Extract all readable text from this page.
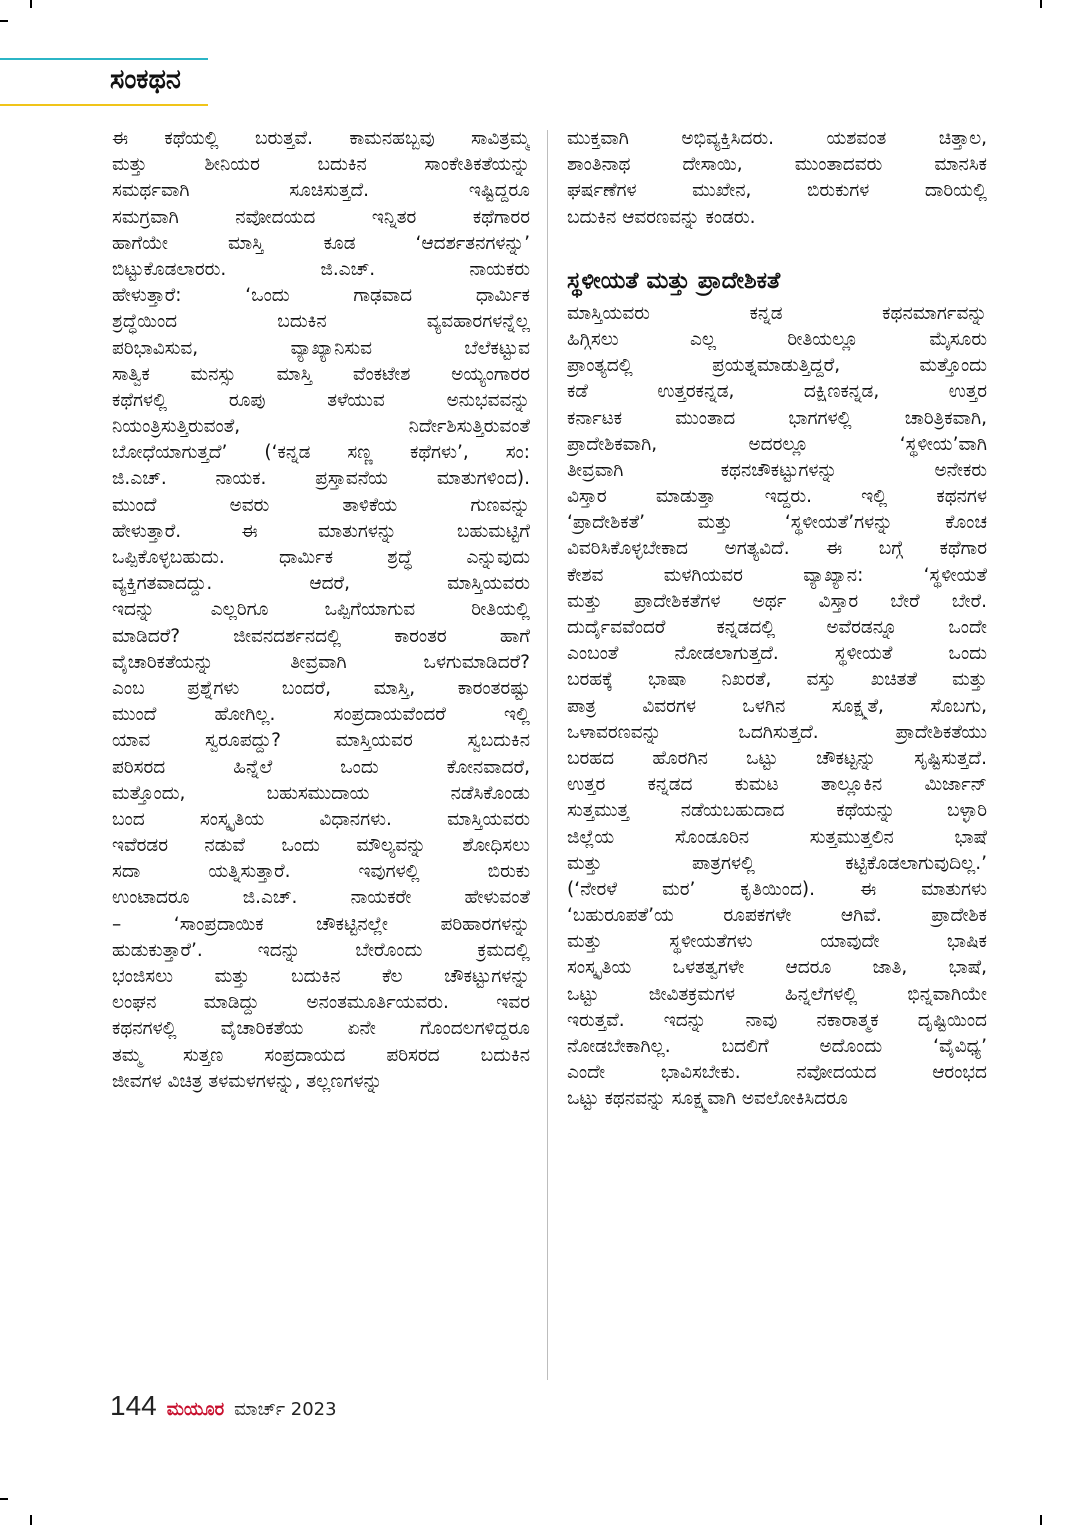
ಸಂಕಥನ
ಈ ಕಥೆಯಲ್ಲಿ ಬರುತ್ತವೆ. ಕಾಮನಹಬ್ಬವು ಸಾವಿತ್ರಮ್ಮ
ಮತ್ತು ಶೀನಿಯರ ಬದುಕಿನ ಸಾಂಕೇತಿಕತೆಯನ್ನು
ಸಮರ್ಥವಾಗಿ ಸೂಚಿಸುತ್ತದೆ. ಇಷ್ಟಿದ್ದರೂ
ಸಮಗ್ರವಾಗಿ ನವೋದಯದ ಇನ್ನಿತರ ಕಥೆಗಾರರ
ಹಾಗೆಯೇ ಮಾಸ್ತಿ ಕೂಡ ‘ಆದರ್ಶತನಗಳನ್ನು’
ಬಿಟ್ಟುಕೊಡಲಾರರು. ಜಿ.ಎಚ್. ನಾಯಕರು
ಹೇಳುತ್ತಾರೆ: ‘ಒಂದು ಗಾಢವಾದ ಧಾರ್ಮಿಕ
ಶ್ರದ್ಧೆಯಿಂದ ಬದುಕಿನ ವ್ಯವಹಾರಗಳನ್ನೆಲ್ಲ
ಪರಿಭಾವಿಸುವ, ವ್ಯಾಖ್ಯಾನಿಸುವ ಬೆಲೆಕಟ್ಟುವ
ಸಾತ್ವಿಕ ಮನಸ್ಸು ಮಾಸ್ತಿ ವೆಂಕಟೇಶ ಅಯ್ಯಂಗಾರರ
ಕಥೆಗಳಲ್ಲಿ ರೂಪು ತಳೆಯುವ ಅನುಭವವನ್ನು
ನಿಯಂತ್ರಿಸುತ್ತಿರುವಂತೆ, ನಿರ್ದೇಶಿಸುತ್ತಿರುವಂತೆ
ಬೋಧೆಯಾಗುತ್ತದೆ’ (‘ಕನ್ನಡ ಸಣ್ಣ ಕಥೆಗಳು’, ಸಂ:
ಜಿ.ಎಚ್. ನಾಯಕ. ಪ್ರಸ್ತಾವನೆಯ ಮಾತುಗಳಿಂದ).
ಮುಂದೆ ಅವರು ತಾಳಿಕೆಯ ಗುಣವನ್ನು
ಹೇಳುತ್ತಾರೆ. ಈ ಮಾತುಗಳನ್ನು ಬಹುಮಟ್ಟಿಗೆ
ಒಪ್ಪಿಕೊಳ್ಳಬಹುದು. ಧಾರ್ಮಿಕ ಶ್ರದ್ಧೆ ಎನ್ನುವುದು
ವ್ಯಕ್ತಿಗತವಾದದ್ದು. ಆದರೆ, ಮಾಸ್ತಿಯವರು
ಇದನ್ನು ಎಲ್ಲರಿಗೂ ಒಪ್ಪಿಗೆಯಾಗುವ ರೀತಿಯಲ್ಲಿ
ಮಾಡಿದರೆ? ಜೀವನದರ್ಶನದಲ್ಲಿ ಕಾರಂತರ ಹಾಗೆ
ವೈಚಾರಿಕತೆಯನ್ನು ತೀವ್ರವಾಗಿ ಒಳಗುಮಾಡಿದರೆ?
ಎಂಬ ಪ್ರಶ್ನೆಗಳು ಬಂದರೆ, ಮಾಸ್ತಿ, ಕಾರಂತರಷ್ಟು
ಮುಂದೆ ಹೋಗಿಲ್ಲ. ಸಂಪ್ರದಾಯವೆಂದರೆ ಇಲ್ಲಿ
ಯಾವ ಸ್ವರೂಪದ್ದು? ಮಾಸ್ತಿಯವರ ಸ್ವಬದುಕಿನ
ಪರಿಸರದ ಹಿನ್ನೆಲೆ ಒಂದು ಕೋನವಾದರೆ,
ಮತ್ತೊಂದು, ಬಹುಸಮುದಾಯ ನಡೆಸಿಕೊಂಡು
ಬಂದ ಸಂಸ್ಕೃತಿಯ ವಿಧಾನಗಳು. ಮಾಸ್ತಿಯವರು
ಇವೆರಡರ ನಡುವೆ ಒಂದು ಮೌಲ್ಯವನ್ನು ಶೋಧಿಸಲು
ಸದಾ ಯತ್ನಿಸುತ್ತಾರೆ. ಇವುಗಳಲ್ಲಿ ಬಿರುಕು
ಉಂಟಾದರೂ ಜಿ.ಎಚ್. ನಾಯಕರೇ ಹೇಳುವಂತೆ
– ‘ಸಾಂಪ್ರದಾಯಿಕ ಚೌಕಟ್ಟಿನಲ್ಲೇ ಪರಿಹಾರಗಳನ್ನು
ಹುಡುಕುತ್ತಾರೆ’. ಇದನ್ನು ಬೇರೊಂದು ಕ್ರಮದಲ್ಲಿ
ಭಂಜಿಸಲು ಮತ್ತು ಬದುಕಿನ ಕೆಲ ಚೌಕಟ್ಟುಗಳನ್ನು
ಲಂಘನ ಮಾಡಿದ್ದು ಅನಂತಮೂರ್ತಿಯವರು. ಇವರ
ಕಥನಗಳಲ್ಲಿ ವೈಚಾರಿಕತೆಯ ಏನೇ ಗೊಂದಲಗಳಿದ್ದರೂ
ತಮ್ಮ ಸುತ್ತಣ ಸಂಪ್ರದಾಯದ ಪರಿಸರದ ಬದುಕಿನ
ಜೀವಗಳ ವಿಚಿತ್ರ ತಳಮಳಗಳನ್ನು, ತಲ್ಲಣಗಳನ್ನು
ಮುಕ್ತವಾಗಿ ಅಭಿವ್ಯಕ್ತಿಸಿದರು. ಯಶವಂತ ಚಿತ್ತಾಲ,
ಶಾಂತಿನಾಥ ದೇಸಾಯಿ, ಮುಂತಾದವರು ಮಾನಸಿಕ
ಘರ್ಷಣೆಗಳ ಮುಖೇನ, ಬಿರುಕುಗಳ ದಾರಿಯಲ್ಲಿ
ಬದುಕಿನ ಆವರಣವನ್ನು ಕಂಡರು.
ಸ್ಥಳೀಯತೆ ಮತ್ತು ಪ್ರಾದೇಶಿಕತೆ
ಮಾಸ್ತಿಯವರು ಕನ್ನಡ ಕಥನಮಾರ್ಗವನ್ನು
ಹಿಗ್ಗಿಸಲು ಎಲ್ಲ ರೀತಿಯಲ್ಲೂ ಮೈಸೂರು
ಪ್ರಾಂತ್ಯದಲ್ಲಿ ಪ್ರಯತ್ನಮಾಡುತ್ತಿದ್ದರೆ, ಮತ್ತೊಂದು
ಕಡೆ ಉತ್ತರಕನ್ನಡ, ದಕ್ಷಿಣಕನ್ನಡ, ಉತ್ತರ
ಕರ್ನಾಟಕ ಮುಂತಾದ ಭಾಗಗಳಲ್ಲಿ ಚಾರಿತ್ರಿಕವಾಗಿ,
ಪ್ರಾದೇಶಿಕವಾಗಿ, ಅದರಲ್ಲೂ ‘ಸ್ಥಳೀಯ’ವಾಗಿ
ತೀವ್ರವಾಗಿ ಕಥನಚೌಕಟ್ಟುಗಳನ್ನು ಅನೇಕರು
ವಿಸ್ತಾರ ಮಾಡುತ್ತಾ ಇದ್ದರು. ಇಲ್ಲಿ ಕಥನಗಳ
‘ಪ್ರಾದೇಶಿಕತೆ’ ಮತ್ತು ‘ಸ್ಥಳೀಯತೆ’ಗಳನ್ನು ಕೊಂಚ
ವಿವರಿಸಿಕೊಳ್ಳಬೇಕಾದ ಅಗತ್ಯವಿದೆ. ಈ ಬಗ್ಗೆ ಕಥೆಗಾರ
ಕೇಶವ ಮಳಗಿಯವರ ವ್ಯಾಖ್ಯಾನ: ‘ಸ್ಥಳೀಯತೆ
ಮತ್ತು ಪ್ರಾದೇಶಿಕತೆಗಳ ಅರ್ಥ ವಿಸ್ತಾರ ಬೇರೆ ಬೇರೆ.
ದುರ್ದೈವವೆಂದರೆ ಕನ್ನಡದಲ್ಲಿ ಅವೆರಡನ್ನೂ ಒಂದೇ
ಎಂಬಂತೆ ನೋಡಲಾಗುತ್ತದೆ. ಸ್ಥಳೀಯತೆ ಒಂದು
ಬರಹಕ್ಕೆ ಭಾಷಾ ನಿಖರತೆ, ವಸ್ತು ಖಚಿತತೆ ಮತ್ತು
ಪಾತ್ರ ವಿವರಗಳ ಒಳಗಿನ ಸೂಕ್ಷ್ಮತೆ, ಸೊಬಗು,
ಒಳಾವರಣವನ್ನು ಒದಗಿಸುತ್ತದೆ. ಪ್ರಾದೇಶಿಕತೆಯು
ಬರಹದ ಹೊರಗಿನ ಒಟ್ಟು ಚೌಕಟ್ಟನ್ನು ಸೃಷ್ಟಿಸುತ್ತದೆ.
ಉತ್ತರ ಕನ್ನಡದ ಕುಮಟ ತಾಲ್ಲೂಕಿನ ಮಿರ್ಜಾನ್
ಸುತ್ತಮುತ್ತ ನಡೆಯಬಹುದಾದ ಕಥೆಯನ್ನು ಬಳ್ಳಾರಿ
ಜಿಲ್ಲೆಯ ಸೊಂಡೂರಿನ ಸುತ್ತಮುತ್ತಲಿನ ಭಾಷೆ
ಮತ್ತು ಪಾತ್ರಗಳಲ್ಲಿ ಕಟ್ಟಿಕೊಡಲಾಗುವುದಿಲ್ಲ.’
(‘ನೇರಳೆ ಮರ’ ಕೃತಿಯಿಂದ). ಈ ಮಾತುಗಳು
‘ಬಹುರೂಪತೆ’ಯ ರೂಪಕಗಳೇ ಆಗಿವೆ. ಪ್ರಾದೇಶಿಕ
ಮತ್ತು ಸ್ಥಳೀಯತೆಗಳು ಯಾವುದೇ ಭಾಷಿಕ
ಸಂಸ್ಕೃತಿಯ ಒಳತತ್ವಗಳೇ ಆದರೂ ಜಾತಿ, ಭಾಷೆ,
ಒಟ್ಟು ಜೀವಿತಕ್ರಮಗಳ ಹಿನ್ನಲೆಗಳಲ್ಲಿ ಭಿನ್ನವಾಗಿಯೇ
ಇರುತ್ತವೆ. ಇದನ್ನು ನಾವು ನಕಾರಾತ್ಮಕ ದೃಷ್ಟಿಯಿಂದ
ನೋಡಬೇಕಾಗಿಲ್ಲ. ಬದಲಿಗೆ ಅದೊಂದು ‘ವೈವಿಧ್ಯ’
ಎಂದೇ ಭಾವಿಸಬೇಕು. ನವೋದಯದ ಆರಂಭದ
ಒಟ್ಟು ಕಥನವನ್ನು ಸೂಕ್ಷ್ಮವಾಗಿ ಅವಲೋಕಿಸಿದರೂ
144 ಮಯೂರ ಮಾರ್ಚ್ 2023
